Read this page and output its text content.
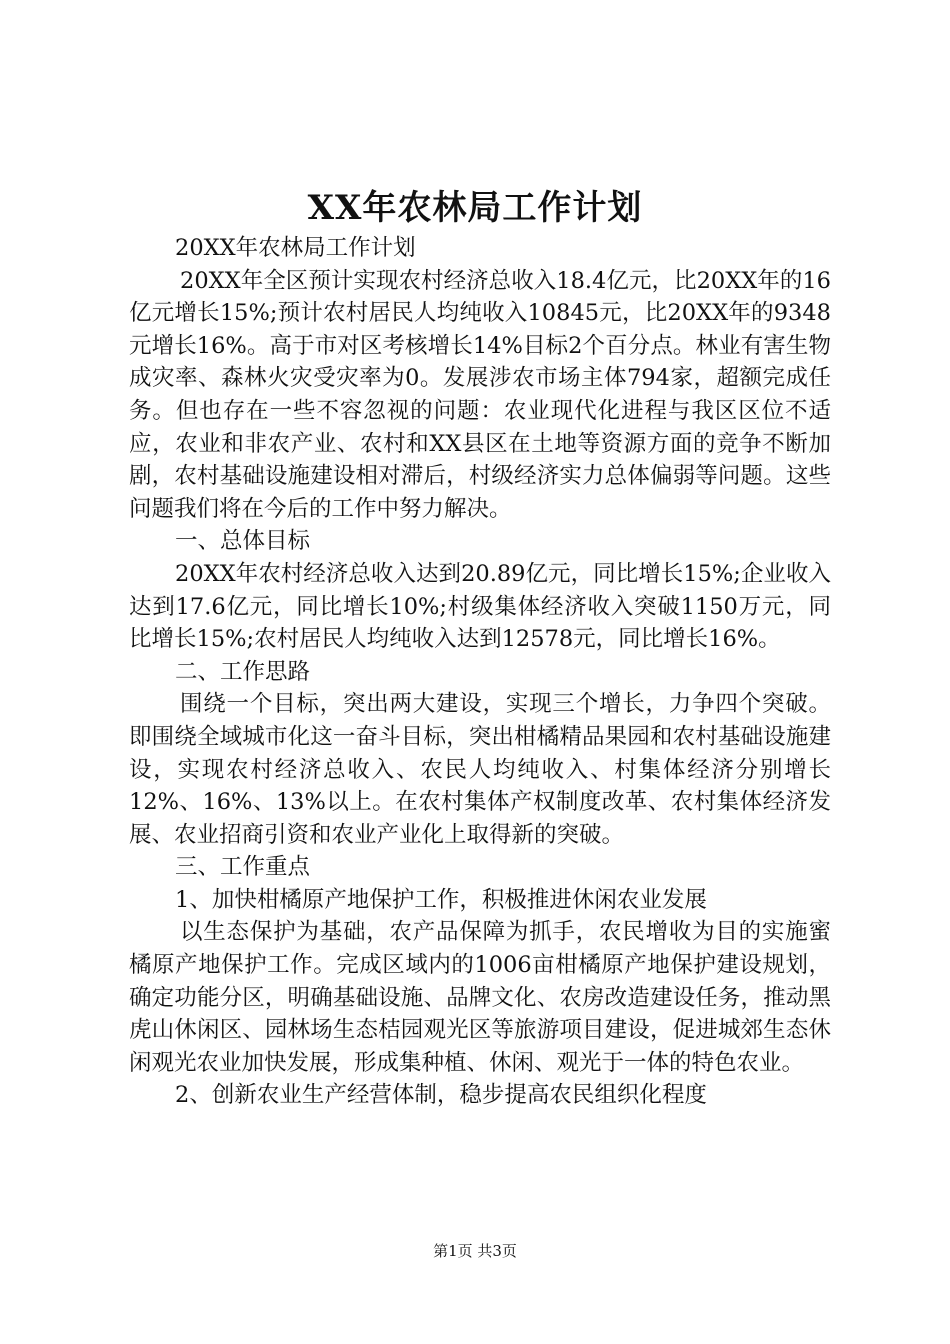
XX年农林局工作计划

20XX年农林局工作计划

20XX年全区预计实现农村经济总收入18.4亿元，比20XX年的16亿元增长15%;预计农村居民人均纯收入10845元，比20XX年的9348元增长16%。高于市对区考核增长14%目标2个百分点。林业有害生物成灾率、森林火灾受灾率为0。发展涉农市场主体794家，超额完成任务。但也存在一些不容忽视的问题：农业现代化进程与我区区位不适应，农业和非农产业、农村和XX县区在土地等资源方面的竞争不断加剧，农村基础设施建设相对滞后，村级经济实力总体偏弱等问题。这些问题我们将在今后的工作中努力解决。

一、总体目标

20XX年农村经济总收入达到20.89亿元，同比增长15%;企业收入达到17.6亿元，同比增长10%;村级集体经济收入突破1150万元，同比增长15%;农村居民人均纯收入达到12578元，同比增长16%。

二、工作思路

围绕一个目标，突出两大建设，实现三个增长，力争四个突破。即围绕全域城市化这一奋斗目标，突出柑橘精品果园和农村基础设施建设，实现农村经济总收入、农民人均纯收入、村集体经济分别增长12%、16%、13%以上。在农村集体产权制度改革、农村集体经济发展、农业招商引资和农业产业化上取得新的突破。

三、工作重点

1、加快柑橘原产地保护工作，积极推进休闲农业发展

以生态保护为基础，农产品保障为抓手，农民增收为目的实施蜜橘原产地保护工作。完成区域内的1006亩柑橘原产地保护建设规划，确定功能分区，明确基础设施、品牌文化、农房改造建设任务，推动黑虎山休闲区、园林场生态桔园观光区等旅游项目建设，促进城郊生态休闲观光农业加快发展，形成集种植、休闲、观光于一体的特色农业。

2、创新农业生产经营体制，稳步提高农民组织化程度

第1页 共3页
